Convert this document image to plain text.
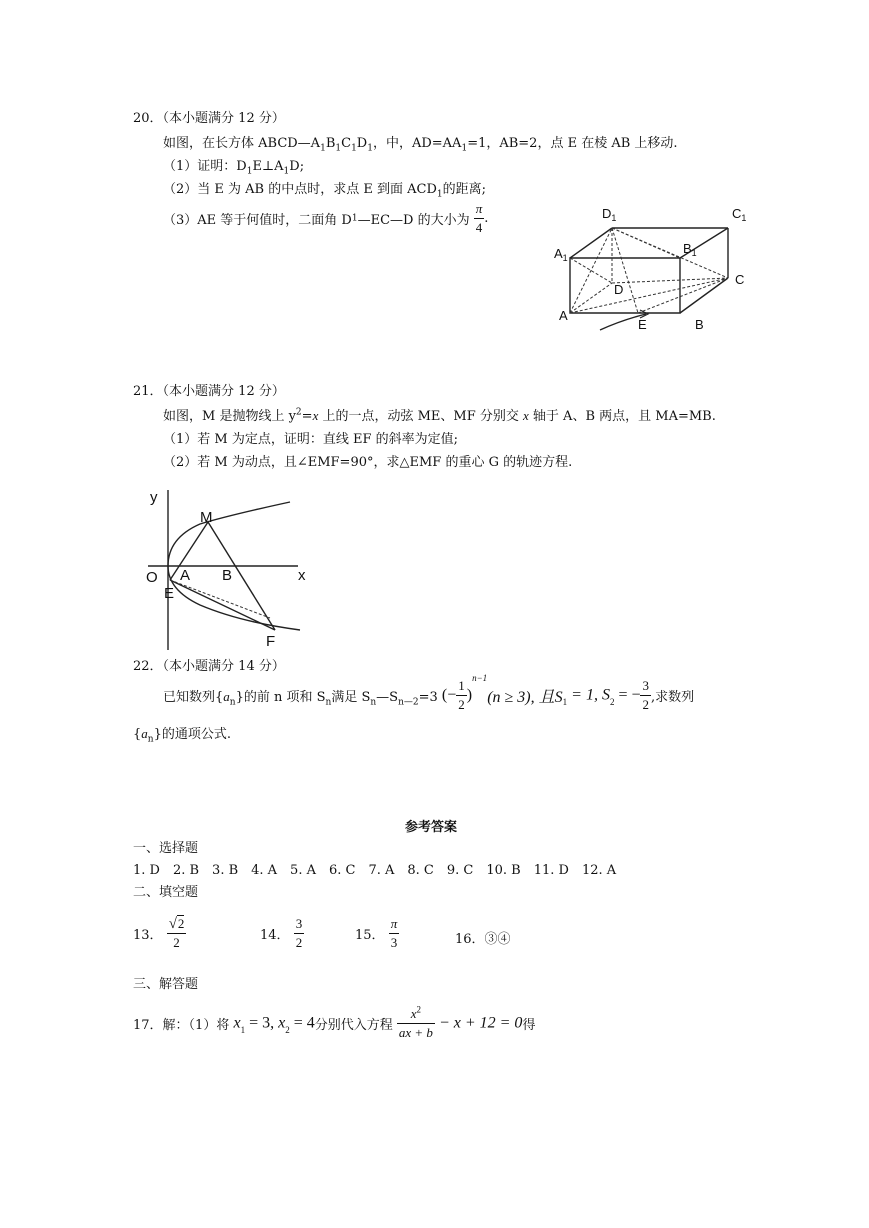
20．（本小题满分 12 分）
如图，在长方体 $ABCD—A_1B_1C_1D_1$，中，$AD=AA_1=1$，AB=2，点 E 在棱 AB 上移动.
（1）证明：$D_1E\perp A_1D$;
（2）当 E 为 AB 的中点时，求点 E 到面 $ACD_1$的距离;
（3）AE 等于何值时，二面角 D1—EC—D 的大小为 $\frac{\pi}{4}$ .	$D_1$	$C_1$
$A_1$
$B_1$
D
C
A
E	B
21．（本小题满分 12 分）
如图，M 是抛物线上 $y^2=x$ 上的一点，动弦 ME、MF 分别交 x 轴于 A、B 两点，且 MA=MB.
（1）若 M 为定点，证明：直线 EF 的斜率为定值;
（2）若 M 为动点，且∠EMF=90°，求△EMF 的重心 G 的轨迹方程.
y
x
O
M
A B
E
F
22．（本小题满分 14 分）
已知数列$\{a_n\}$的前 n 项和 $S_n$满足 $S_n—S_{n—2}=3$ (− $\frac{1}{2} )^{n-1}(n \ge 3)$, 且$S_1 = 1$, $S_2$ = − $\frac{3}{2}$ ,求数列
$\{a_n\}$的通项公式.
参考答案
一、选择题
1. D　2. B　3. B　4. A　5. A　6. C　7. A　8. C　9. C　10. B　11. D　12. A
二、填空题
13． $\frac{√2}{2}$	14． $\frac{3}{2}$	15． $\frac{\pi}{3}$	16．③④
三、解答题
17．解：（1）将 $x_1 = 3$, $x_2 = 4$分别代入方程 $\frac{x^2}{ax + b} - x + 12 = 0$得
